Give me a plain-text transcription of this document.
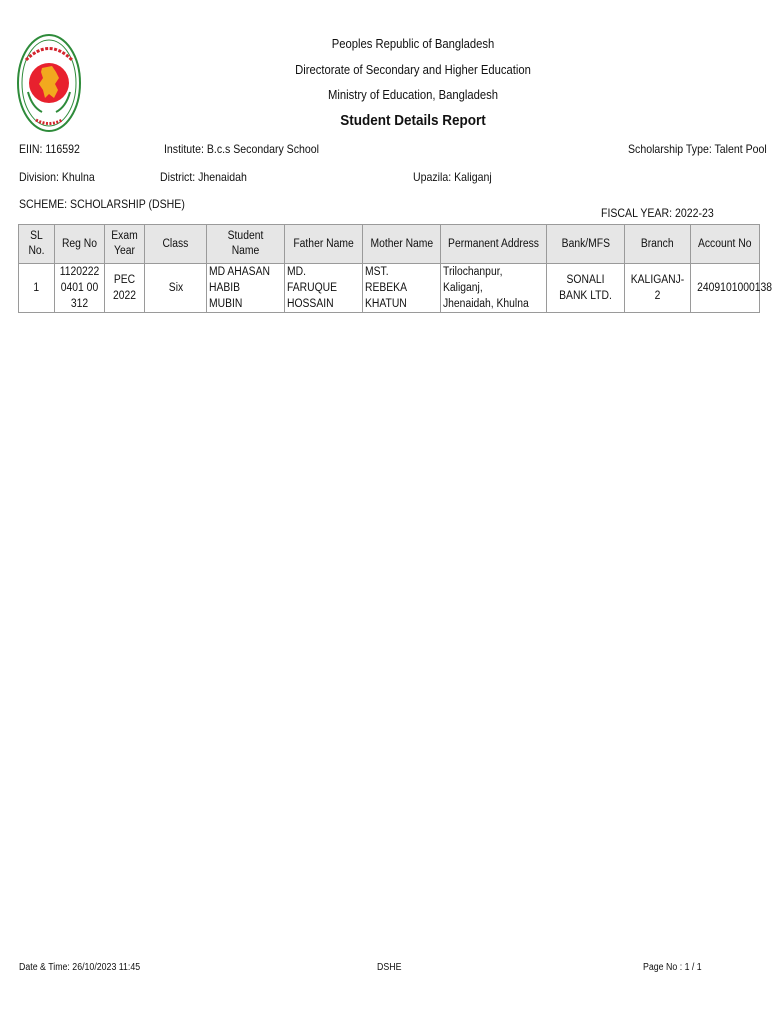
Peoples Republic of Bangladesh
Directorate of Secondary and Higher Education
Ministry of Education, Bangladesh
Student Details Report
EIIN: 116592	Institute: B.c.s Secondary School	Scholarship Type: Talent Pool
Division: Khulna	District: Jhenaidah	Upazila: Kaliganj
SCHEME: SCHOLARSHIP (DSHE)
FISCAL YEAR: 2022-23
SL No.	Reg No	Exam Year	Class	Student Name	Father Name	Mother Name	Permanent Address	Bank/MFS	Branch	Account No
1	11202220401 00312	PEC 2022	Six	MD AHASAN HABIB MUBIN	MD. FARUQUE HOSSAIN	MST. REBEKA KHATUN	Trilochanpur, Kaliganj, Jhenaidah, Khulna	SONALI BANK LTD.	KALIGANJ-2	2409101000138
Date & Time: 26/10/2023 11:45	DSHE	Page No : 1 / 1
